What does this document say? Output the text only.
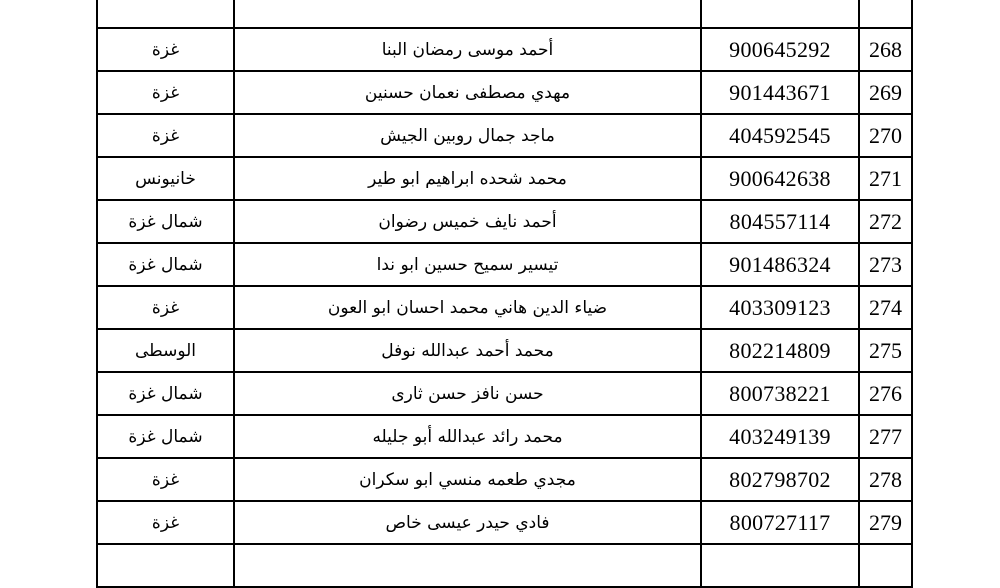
غزة	أحمد موسى رمضان البنا	900645292	268
غزة	مهدي مصطفى نعمان حسنين	901443671	269
غزة	ماجد جمال روبين الجيش	404592545	270
خانيونس	محمد شحده ابراهيم ابو طير	900642638	271
شمال غزة	أحمد نايف خميس رضوان	804557114	272
شمال غزة	تيسير سميح حسين ابو ندا	901486324	273
غزة	ضياء الدين هاني محمد احسان ابو العون	403309123	274
الوسطى	محمد أحمد عبدالله نوفل	802214809	275
شمال غزة	حسن نافز حسن ثارى	800738221	276
شمال غزة	محمد رائد عبدالله أبو جليله	403249139	277
غزة	مجدي طعمه منسي ابو سكران	802798702	278
غزة	فادي حيدر عيسى خاص	800727117	279
